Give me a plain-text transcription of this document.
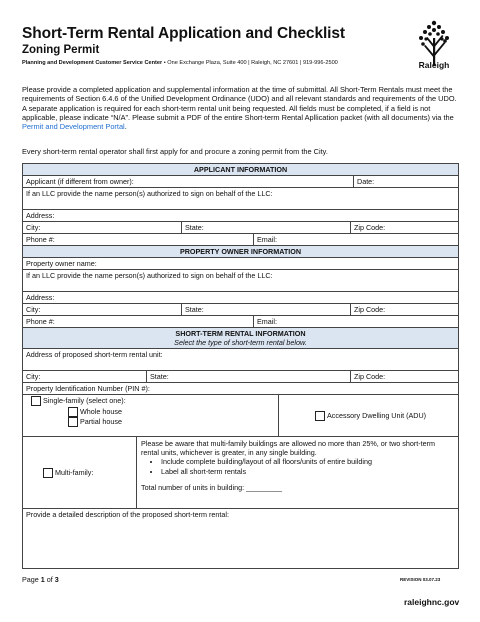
Short-Term Rental Application and Checklist
Zoning Permit
Planning and Development Customer Service Center • One Exchange Plaza, Suite 400 | Raleigh, NC 27601 | 919-996-2500	Raleigh
Please provide a completed application and supplemental information at the time of submittal. All Short-Term Rentals must meet the requirements of Section 6.4.6 of the Unified Development Ordinance (UDO) and all relevant standards and requirements of the UDO. A separate application is required for each short-term rental unit being requested. All fields must be completed, if a field is not applicable, please indicate “N/A”. Please submit a PDF of the entire Short-term Rental Apllication packet (with all documents) via the Permit and Development Portal.
Every short-term rental operator shall first apply for and procure a zoning permit from the City.
APPLICANT INFORMATION
Applicant (if different from owner):	Date:
If an LLC provide the name person(s) authorized to sign on behalf of the LLC:
Address:
City:	State:	Zip Code:
Phone #:	Email:
PROPERTY OWNER INFORMATION
Property owner name:
If an LLC provide the name person(s) authorized to sign on behalf of the LLC:
Address:
City:	State:	Zip Code:
Phone #:	Email:
SHORT-TERM RENTAL INFORMATION
Select the type of short-term rental below.
Address of proposed short-term rental unit:
City:	State:	Zip Code:
Property Identification Number (PIN #):
Single-family (select one):
Whole house
Partial house
Accessory Dwelling Unit (ADU)
Multi-family:
Please be aware that multi-family buildings are allowed no more than 25%, or two short-term rental units, whichever is greater, in any single building.
• Include complete building/layout of all floors/units of entire building
• Label all short-term rentals
Total number of units in building: _________
Provide a detailed description of the proposed short-term rental:
Page 1 of 3	REVISION 03.07.23
raleighnc.gov
